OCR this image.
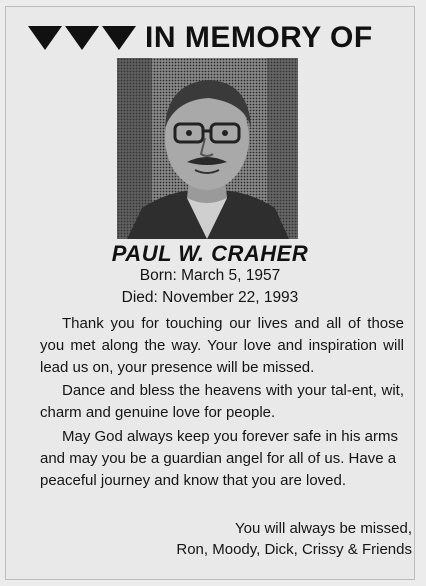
IN MEMORY OF
PAUL W. CRAHER
Born: March 5, 1957
Died: November 22, 1993

Thank you for touching our lives and all of those you met along the way. Your love and inspiration will lead us on, your presence will be missed.

Dance and bless the heavens with your tal-ent, wit, charm and genuine love for people.

May God always keep you forever safe in his arms and may you be a guardian angel for all of us. Have a peaceful journey and know that you are loved.

You will always be missed,
Ron, Moody, Dick, Crissy & Friends
